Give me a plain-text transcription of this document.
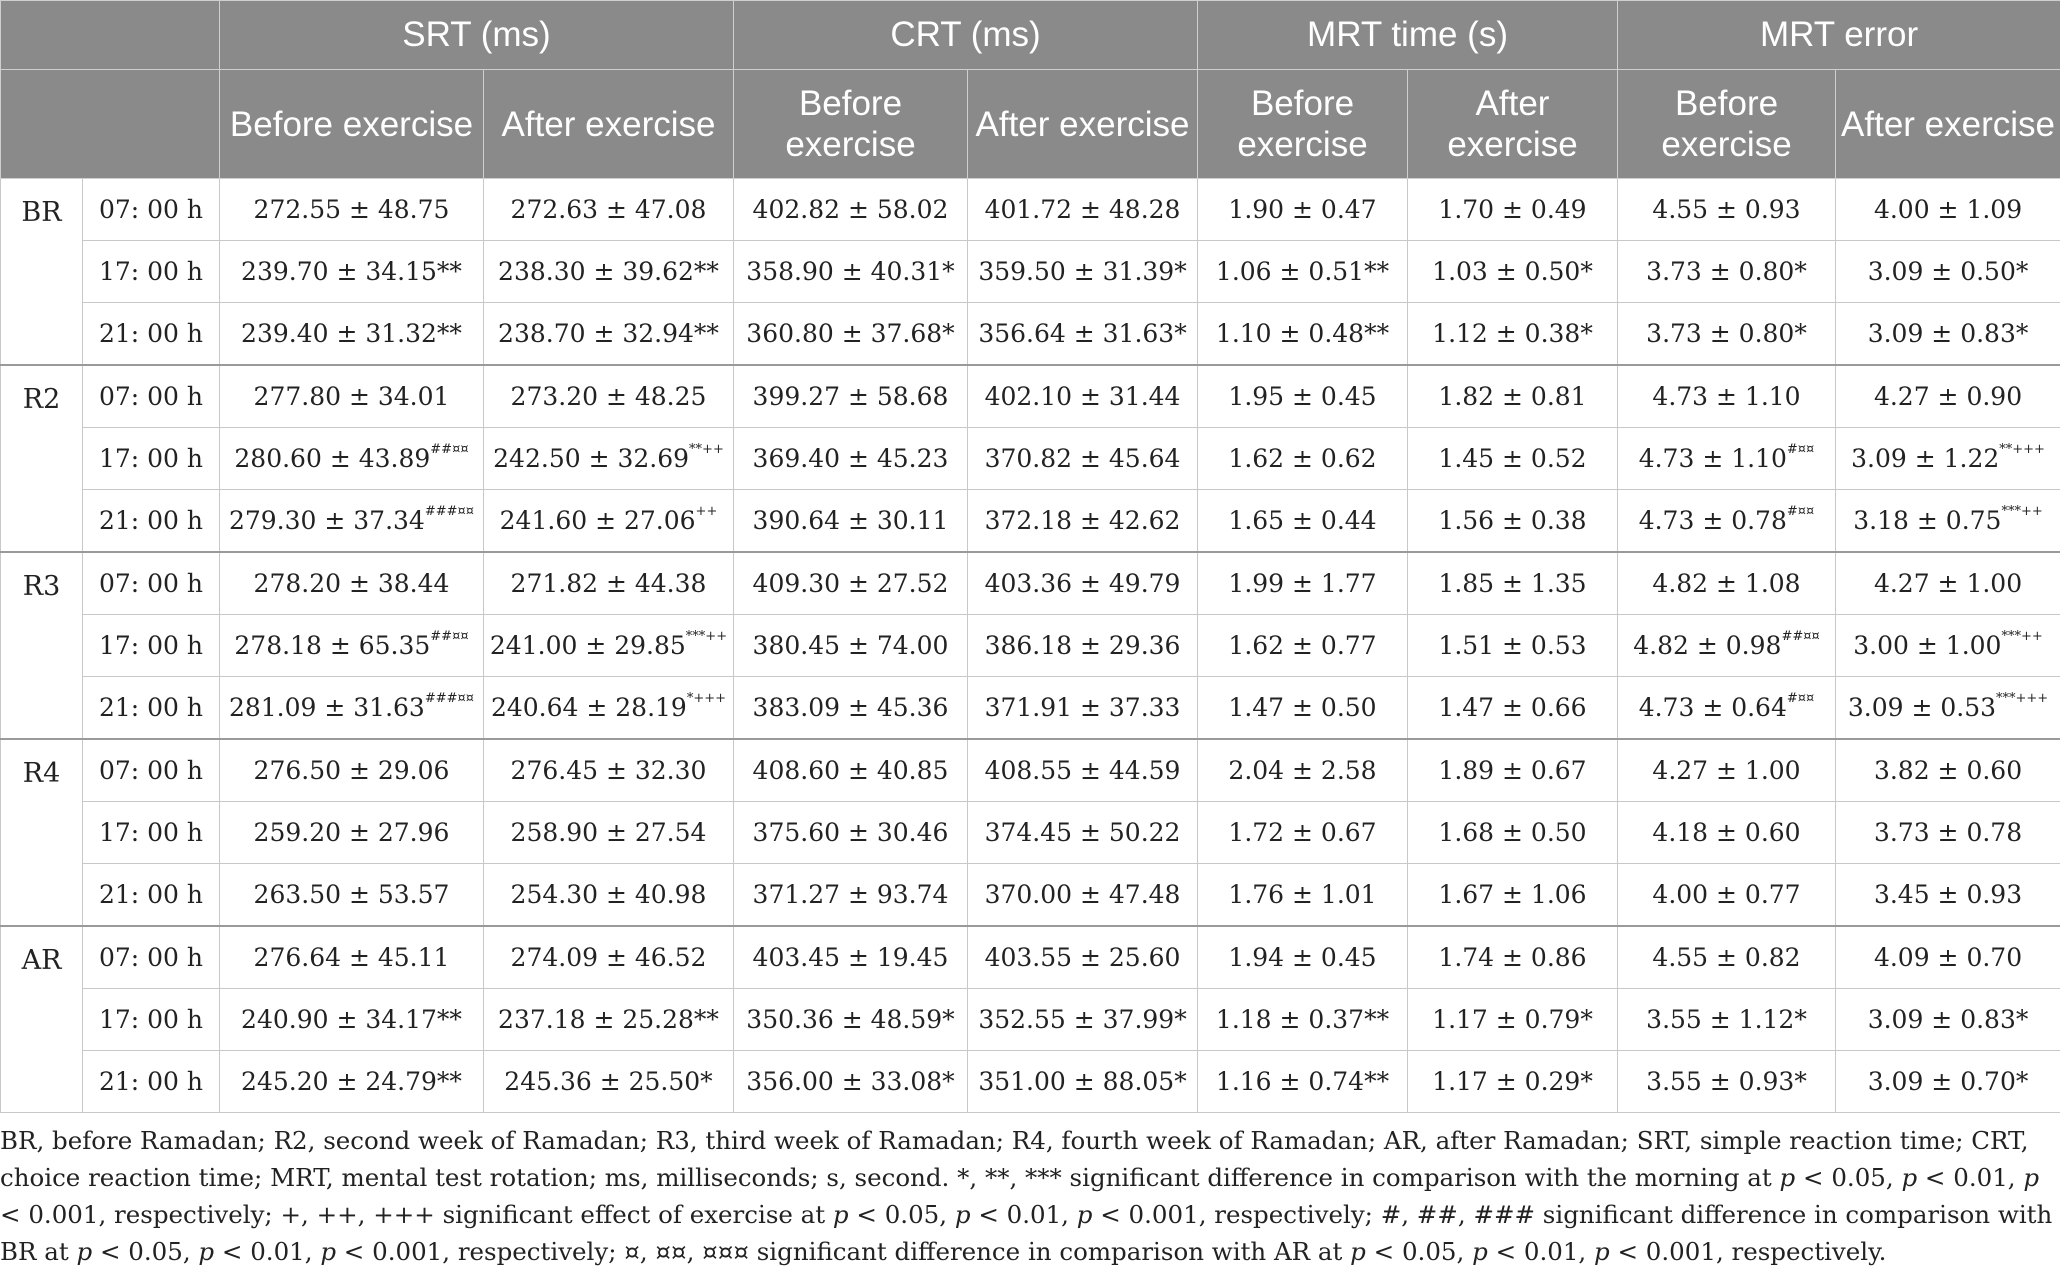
		SRT (ms)		CRT (ms)		MRT time (s)		MRT error	
		Before exercise	After exercise	Before exercise	After exercise	Before exercise	After exercise	Before exercise	After exercise
BR	07: 00 h	272.55 ± 48.75	272.63 ± 47.08	402.82 ± 58.02	401.72 ± 48.28	1.90 ± 0.47	1.70 ± 0.49	4.55 ± 0.93	4.00 ± 1.09
	17: 00 h	239.70 ± 34.15**	238.30 ± 39.62**	358.90 ± 40.31*	359.50 ± 31.39*	1.06 ± 0.51**	1.03 ± 0.50*	3.73 ± 0.80*	3.09 ± 0.50*
	21: 00 h	239.40 ± 31.32**	238.70 ± 32.94**	360.80 ± 37.68*	356.64 ± 31.63*	1.10 ± 0.48**	1.12 ± 0.38*	3.73 ± 0.80*	3.09 ± 0.83*
R2	07: 00 h	277.80 ± 34.01	273.20 ± 48.25	399.27 ± 58.68	402.10 ± 31.44	1.95 ± 0.45	1.82 ± 0.81	4.73 ± 1.10	4.27 ± 0.90
	17: 00 h	280.60 ± 43.89##¤¤	242.50 ± 32.69**++	369.40 ± 45.23	370.82 ± 45.64	1.62 ± 0.62	1.45 ± 0.52	4.73 ± 1.10#¤¤	3.09 ± 1.22**+++
	21: 00 h	279.30 ± 37.34###¤¤	241.60 ± 27.06++	390.64 ± 30.11	372.18 ± 42.62	1.65 ± 0.44	1.56 ± 0.38	4.73 ± 0.78#¤¤	3.18 ± 0.75***++
R3	07: 00 h	278.20 ± 38.44	271.82 ± 44.38	409.30 ± 27.52	403.36 ± 49.79	1.99 ± 1.77	1.85 ± 1.35	4.82 ± 1.08	4.27 ± 1.00
	17: 00 h	278.18 ± 65.35##¤¤	241.00 ± 29.85***++	380.45 ± 74.00	386.18 ± 29.36	1.62 ± 0.77	1.51 ± 0.53	4.82 ± 0.98##¤¤	3.00 ± 1.00***++
	21: 00 h	281.09 ± 31.63###¤¤	240.64 ± 28.19*+++	383.09 ± 45.36	371.91 ± 37.33	1.47 ± 0.50	1.47 ± 0.66	4.73 ± 0.64#¤¤	3.09 ± 0.53***+++
R4	07: 00 h	276.50 ± 29.06	276.45 ± 32.30	408.60 ± 40.85	408.55 ± 44.59	2.04 ± 2.58	1.89 ± 0.67	4.27 ± 1.00	3.82 ± 0.60
	17: 00 h	259.20 ± 27.96	258.90 ± 27.54	375.60 ± 30.46	374.45 ± 50.22	1.72 ± 0.67	1.68 ± 0.50	4.18 ± 0.60	3.73 ± 0.78
	21: 00 h	263.50 ± 53.57	254.30 ± 40.98	371.27 ± 93.74	370.00 ± 47.48	1.76 ± 1.01	1.67 ± 1.06	4.00 ± 0.77	3.45 ± 0.93
AR	07: 00 h	276.64 ± 45.11	274.09 ± 46.52	403.45 ± 19.45	403.55 ± 25.60	1.94 ± 0.45	1.74 ± 0.86	4.55 ± 0.82	4.09 ± 0.70
	17: 00 h	240.90 ± 34.17**	237.18 ± 25.28**	350.36 ± 48.59*	352.55 ± 37.99*	1.18 ± 0.37**	1.17 ± 0.79*	3.55 ± 1.12*	3.09 ± 0.83*
	21: 00 h	245.20 ± 24.79**	245.36 ± 25.50*	356.00 ± 33.08*	351.00 ± 88.05*	1.16 ± 0.74**	1.17 ± 0.29*	3.55 ± 0.93*	3.09 ± 0.70*
BR, before Ramadan; R2, second week of Ramadan; R3, third week of Ramadan; R4, fourth week of Ramadan; AR, after Ramadan; SRT, simple reaction time; CRT, choice reaction time; MRT, mental test rotation; ms, milliseconds; s, second. *, **, *** significant difference in comparison with the morning at p < 0.05, p < 0.01, p < 0.001, respectively; +, ++, +++ significant effect of exercise at p < 0.05, p < 0.01, p < 0.001, respectively; #, ##, ### significant difference in comparison with BR at p < 0.05, p < 0.01, p < 0.001, respectively; ¤, ¤¤, ¤¤¤ significant difference in comparison with AR at p < 0.05, p < 0.01, p < 0.001, respectively.
